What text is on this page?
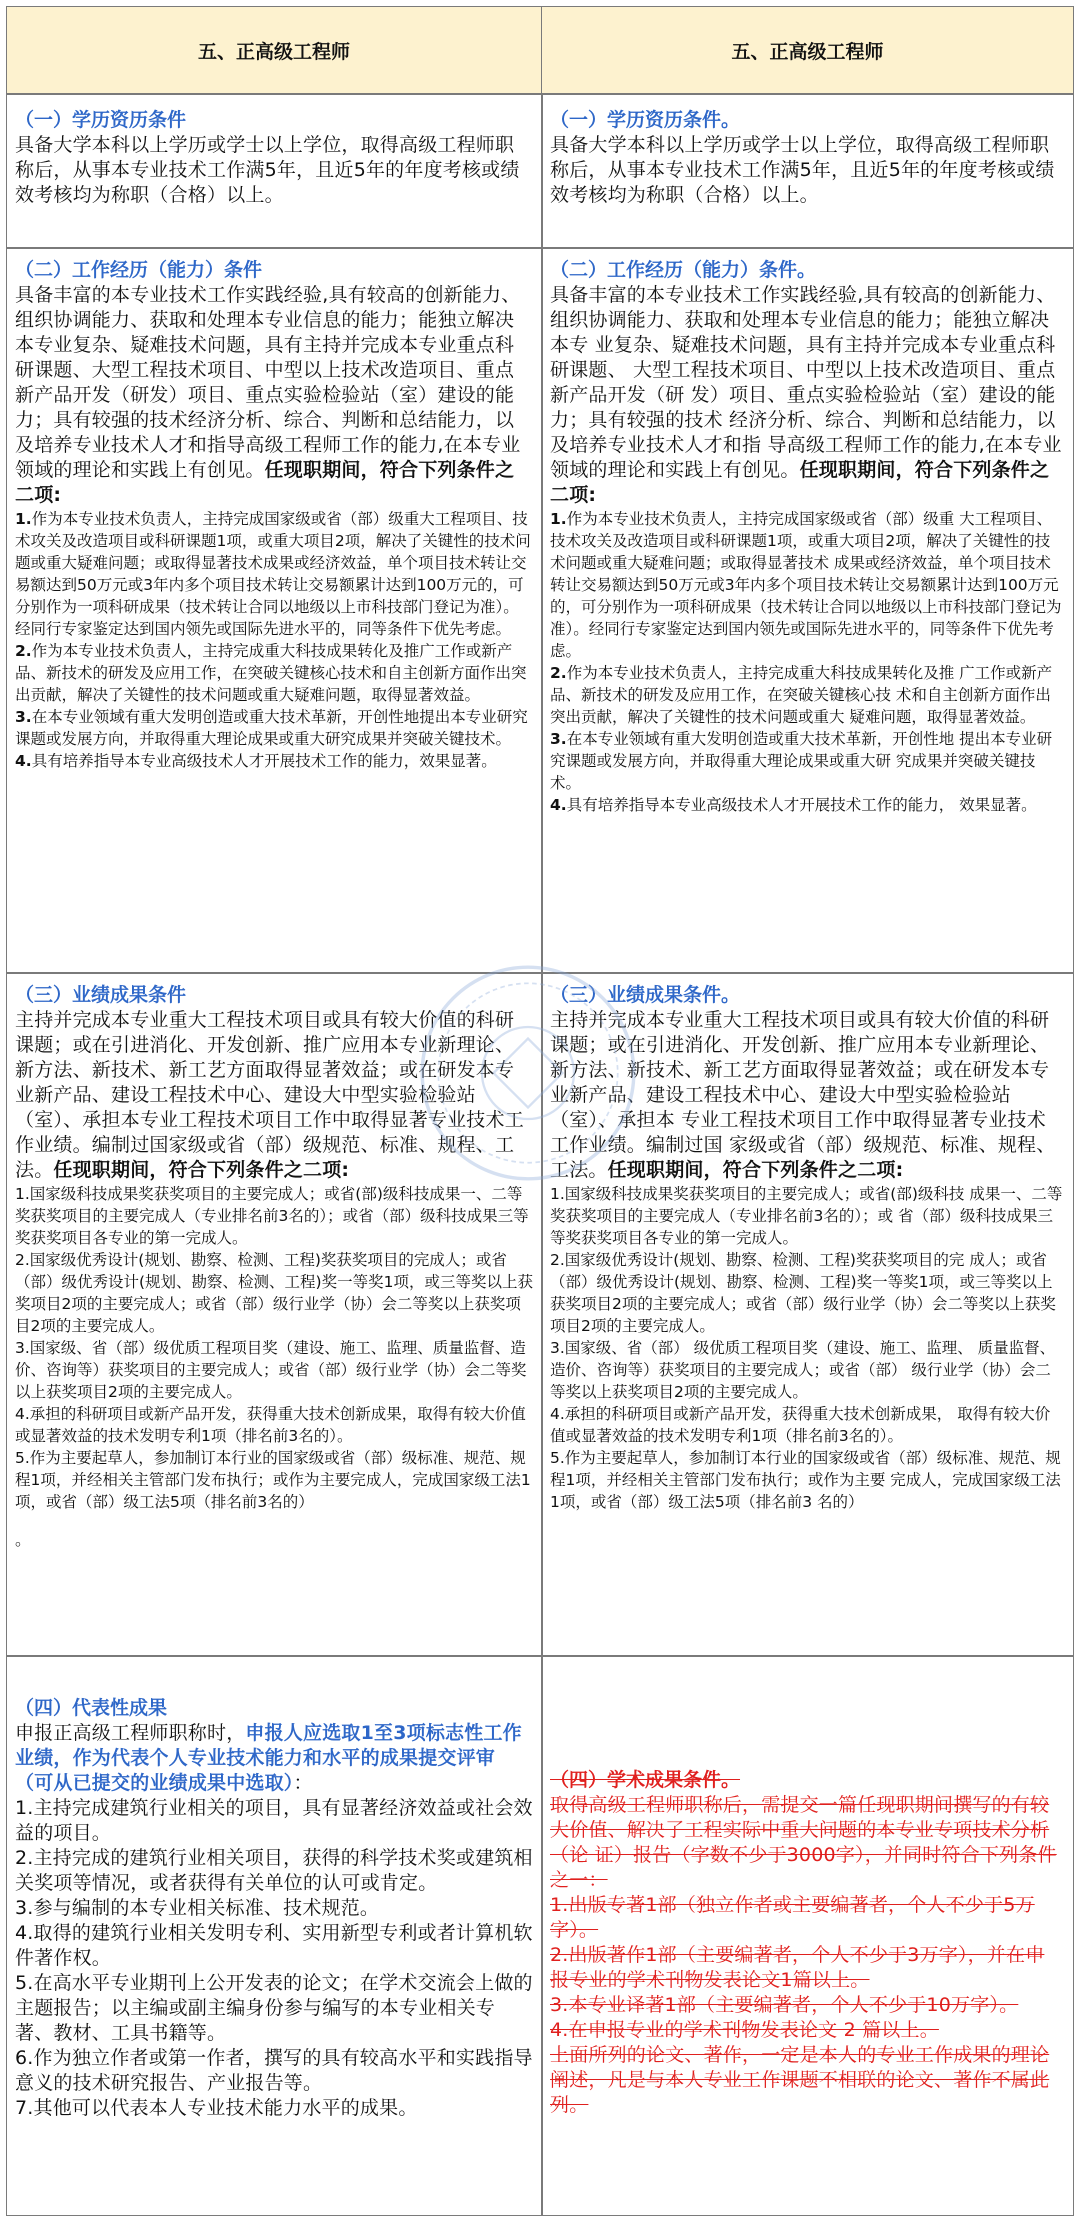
五、正高级工程师	五、正高级工程师
（一）学历资历条件

具备大学本科以上学历或学士以上学位，取得高级工程师职称后，从事本专业技术工作满5年，且近5年的年度考核或绩效考核均为称职（合格）以上。

（一）学历资历条件。

具备大学本科以上学历或学士以上学位，取得高级工程师职 称后，从事本专业技术工作满5年，且近5年的年度考核或绩效考核均为称职（合格）以上。

（二）工作经历（能力）条件

具备丰富的本专业技术工作实践经验,具有较高的创新能力、组织协调能力、获取和处理本专业信息的能力；能独立解决本专业复杂、疑难技术问题，具有主持并完成本专业重点科研课题、大型工程技术项目、中型以上技术改造项目、重点新产品开发（研发）项目、重点实验检验站（室）建设的能力；具有较强的技术经济分析、综合、判断和总结能力，以及培养专业技术人才和指导高级工程师工作的能力,在本专业领域的理论和实践上有创见。任现职期间，符合下列条件之二项:

1.作为本专业技术负责人，主持完成国家级或省（部）级重大工程项目、技术攻关及改造项目或科研课题1项，或重大项目2项，解决了关键性的技术问题或重大疑难问题；或取得显著技术成果或经济效益，单个项目技术转让交易额达到50万元或3年内多个项目技术转让交易额累计达到100万元的，可分别作为一项科研成果（技术转让合同以地级以上市科技部门登记为准）。经同行专家鉴定达到国内领先或国际先进水平的，同等条件下优先考虑。

2.作为本专业技术负责人，主持完成重大科技成果转化及推广工作或新产品、新技术的研发及应用工作，在突破关键核心技术和自主创新方面作出突出贡献，解决了关键性的技术问题或重大疑难问题，取得显著效益。

3.在本专业领域有重大发明创造或重大技术革新，开创性地提出本专业研究课题或发展方向，并取得重大理论成果或重大研究成果并突破关键技术。

4.具有培养指导本专业高级技术人才开展技术工作的能力，效果显著。

（二）工作经历（能力）条件。

具备丰富的本专业技术工作实践经验,具有较高的创新能力、组织协调能力、获取和处理本专业信息的能力；能独立解决本专 业复杂、疑难技术问题，具有主持并完成本专业重点科研课题、 大型工程技术项目、中型以上技术改造项目、重点新产品开发（研 发）项目、重点实验检验站（室）建设的能力；具有较强的技术 经济分析、综合、判断和总结能力，以及培养专业技术人才和指 导高级工程师工作的能力,在本专业领域的理论和实践上有创见。任现职期间，符合下列条件之二项:

1.作为本专业技术负责人，主持完成国家级或省（部）级重 大工程项目、技术攻关及改造项目或科研课题1项，或重大项目2项，解决了关键性的技术问题或重大疑难问题；或取得显著技术 成果或经济效益，单个项目技术转让交易额达到50万元或3年内多个项目技术转让交易额累计达到100万元的，可分别作为一项科研成果（技术转让合同以地级以上市科技部门登记为准）。经同行专家鉴定达到国内领先或国际先进水平的，同等条件下优先考虑。

2.作为本专业技术负责人，主持完成重大科技成果转化及推 广工作或新产品、新技术的研发及应用工作，在突破关键核心技 术和自主创新方面作出突出贡献，解决了关键性的技术问题或重大 疑难问题，取得显著效益。

3.在本专业领域有重大发明创造或重大技术革新，开创性地 提出本专业研究课题或发展方向，并取得重大理论成果或重大研 究成果并突破关键技术。

4.具有培养指导本专业高级技术人才开展技术工作的能力， 效果显著。

（三）业绩成果条件

主持并完成本专业重大工程技术项目或具有较大价值的科研课题；或在引进消化、开发创新、推广应用本专业新理论、新方法、新技术、新工艺方面取得显著效益；或在研发本专业新产品、建设工程技术中心、建设大中型实验检验站（室）、承担本专业工程技术项目工作中取得显著专业技术工作业绩。编制过国家级或省（部）级规范、标准、规程、工法。任现职期间，符合下列条件之二项:

1.国家级科技成果奖获奖项目的主要完成人；或省(部)级科技成果一、二等奖获奖项目的主要完成人（专业排名前3名的）；或省（部）级科技成果三等奖获奖项目各专业的第一完成人。

2.国家级优秀设计(规划、勘察、检测、工程)奖获奖项目的完成人；或省（部）级优秀设计(规划、勘察、检测、工程)奖一等奖1项，或三等奖以上获奖项目2项的主要完成人；或省（部）级行业学（协）会二等奖以上获奖项目2项的主要完成人。

3.国家级、省（部）级优质工程项目奖（建设、施工、监理、质量监督、造价、咨询等）获奖项目的主要完成人；或省（部）级行业学（协）会二等奖以上获奖项目2项的主要完成人。

4.承担的科研项目或新产品开发，获得重大技术创新成果，取得有较大价值或显著效益的技术发明专利1项（排名前3名的）。

5.作为主要起草人，参加制订本行业的国家级或省（部）级标准、规范、规程1项，并经相关主管部门发布执行；或作为主要完成人，完成国家级工法1项，或省（部）级工法5项（排名前3名的）

。

（三）业绩成果条件。

主持并完成本专业重大工程技术项目或具有较大价值的科研课题；或在引进消化、开发创新、推广应用本专业新理论、新方法、新技术、新工艺方面取得显著效益；或在研发本专业新产品、建设工程技术中心、建设大中型实验检验站（室）、承担本 专业工程技术项目工作中取得显著专业技术工作业绩。编制过国 家级或省（部）级规范、标准、规程、工法。任现职期间，符合下列条件之二项:

1.国家级科技成果奖获奖项目的主要完成人；或省(部)级科技 成果一、二等奖获奖项目的主要完成人（专业排名前3名的）；或 省（部）级科技成果三等奖获奖项目各专业的第一完成人。

2.国家级优秀设计(规划、勘察、检测、工程)奖获奖项目的完 成人；或省（部）级优秀设计(规划、勘察、检测、工程)奖一等奖1项，或三等奖以上获奖项目2项的主要完成人；或省（部）级行业学（协）会二等奖以上获奖项目2项的主要完成人。

3.国家级、省（部） 级优质工程项目奖（建设、施工、监理、 质量监督、造价、咨询等）获奖项目的主要完成人；或省（部） 级行业学（协）会二等奖以上获奖项目2项的主要完成人。

4.承担的科研项目或新产品开发，获得重大技术创新成果， 取得有较大价值或显著效益的技术发明专利1项（排名前3名的）。

5.作为主要起草人，参加制订本行业的国家级或省（部）级标准、规范、规程1项，并经相关主管部门发布执行；或作为主要 完成人，完成国家级工法1项，或省（部）级工法5项（排名前3 名的）

（四）代表性成果

申报正高级工程师职称时，申报人应选取1至3项标志性工作业绩，作为代表个人专业技术能力和水平的成果提交评审（可从已提交的业绩成果中选取）：

1.主持完成建筑行业相关的项目，具有显著经济效益或社会效益的项目。

2.主持完成的建筑行业相关项目，获得的科学技术奖或建筑相关奖项等情况，或者获得有关单位的认可或肯定。

3.参与编制的本专业相关标准、技术规范。

4.取得的建筑行业相关发明专利、实用新型专利或者计算机软件著作权。

5.在高水平专业期刊上公开发表的论文；在学术交流会上做的主题报告；以主编或副主编身份参与编写的本专业相关专著、教材、工具书籍等。

6.作为独立作者或第一作者，撰写的具有较高水平和实践指导意义的技术研究报告、产业报告等。

7.其他可以代表本人专业技术能力水平的成果。

（四）学术成果条件。

取得高级工程师职称后，需提交一篇任现职期间撰写的有较 大价值、解决了工程实际中重大问题的本专业专项技术分析（论 证）报告（字数不少于3000字），并同时符合下列条件之一：

1.出版专著1部（独立作者或主要编著者，个人不少于5万字）。

2.出版著作1部（主要编著者，个人不少于3万字），并在申 报专业的学术刊物发表论文1篇以上。

3.本专业译著1部（主要编著者，个人不少于10万字）。

4.在申报专业的学术刊物发表论文 2 篇以上。

上面所列的论文、著作，一定是本人的专业工作成果的理论 阐述，凡是与本人专业工作课题不相联的论文、著作不属此列。
